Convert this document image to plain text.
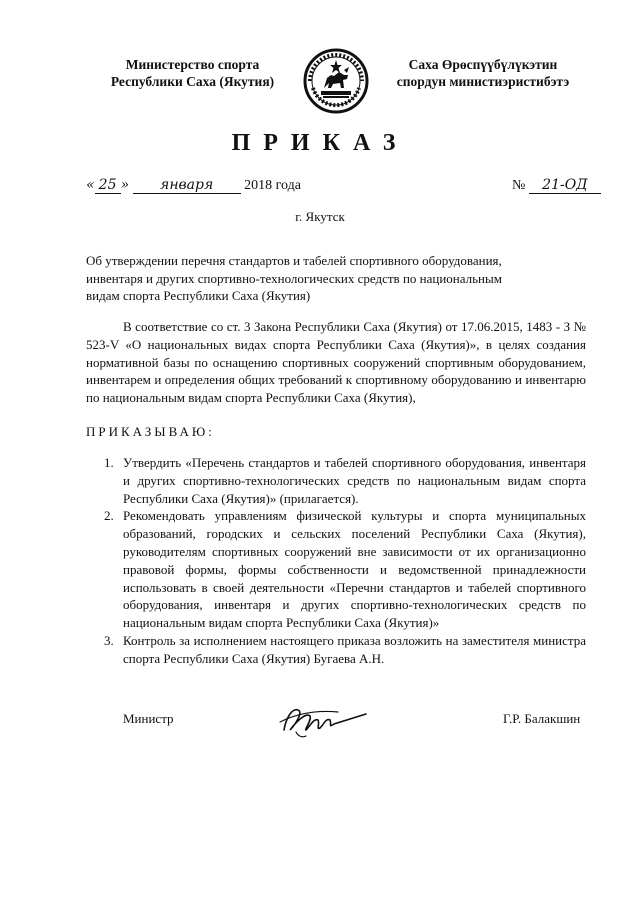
Министерство спорта
Республики Саха (Якутия)
Саха Өрөспүүбүлүкэтин
спордун министиэристибэтэ
ПРИКАЗ
« 25 » января 2018 года	№ 21-ОД
г. Якутск
Об утверждении перечня стандартов и табелей спортивного оборудования, инвентаря и других спортивно-технологических средств по национальным видам спорта Республики Саха (Якутия)
В соответствие со ст. 3 Закона Республики Саха (Якутия) от 17.06.2015, 1483 - З № 523-V «О национальных видах спорта Республики Саха (Якутия)», в целях создания нормативной базы по оснащению спортивных сооружений спортивным оборудованием, инвентарем и определения общих требований к спортивному оборудованию и инвентарю по национальным видам спорта Республики Саха (Якутия),
ПРИКАЗЫВАЮ:
1. Утвердить «Перечень стандартов и табелей спортивного оборудования, инвентаря и других спортивно-технологических средств по национальным видам спорта Республики Саха (Якутия)» (прилагается).
2. Рекомендовать управлениям физической культуры и спорта муниципальных образований, городских и сельских поселений Республики Саха (Якутия), руководителям спортивных сооружений вне зависимости от их организационно правовой формы, формы собственности и ведомственной принадлежности использовать в своей деятельности «Перечни стандартов и табелей спортивного оборудования, инвентаря и других спортивно-технологических средств по национальным видам спорта Республики Саха (Якутия)»
3. Контроль за исполнением настоящего приказа возложить на заместителя министра спорта Республики Саха (Якутия) Бугаева А.Н.
Министр	Г.Р. Балакшин
